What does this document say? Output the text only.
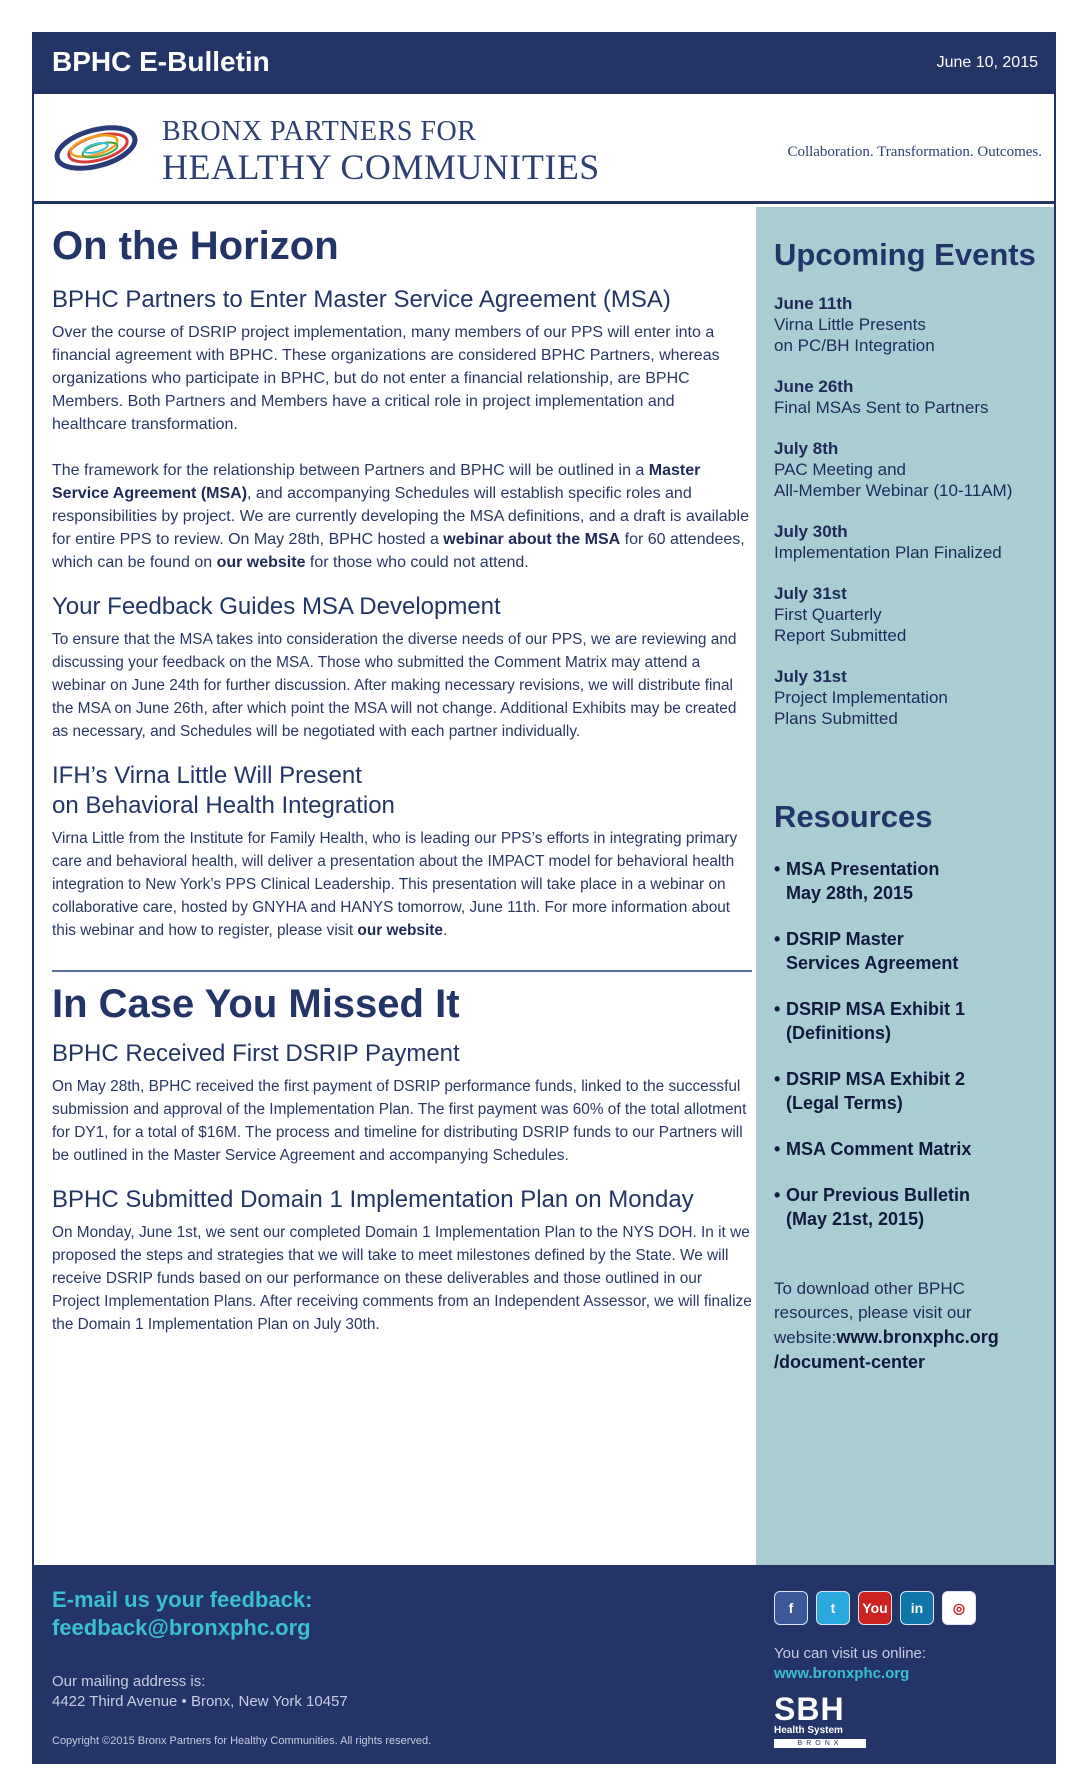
BPHC E-Bulletin	June 10, 2015
BRONX PARTNERS FOR
HEALTHY COMMUNITIES	Collaboration. Transformation. Outcomes.
On the Horizon
BPHC Partners to Enter Master Service Agreement (MSA)
Over the course of DSRIP project implementation, many members of our PPS will enter into a financial agreement with BPHC. These organizations are considered BPHC Partners, whereas organizations who participate in BPHC, but do not enter a financial relationship, are BPHC Members. Both Partners and Members have a critical role in project implementation and healthcare transformation.
The framework for the relationship between Partners and BPHC will be outlined in a Master Service Agreement (MSA), and accompanying Schedules will establish specific roles and responsibilities by project. We are currently developing the MSA definitions, and a draft is available for entire PPS to review. On May 28th, BPHC hosted a webinar about the MSA for 60 attendees, which can be found on our website for those who could not attend.
Your Feedback Guides MSA Development
To ensure that the MSA takes into consideration the diverse needs of our PPS, we are reviewing and discussing your feedback on the MSA. Those who submitted the Comment Matrix may attend a webinar on June 24th for further discussion. After making necessary revisions, we will distribute final the MSA on June 26th, after which point the MSA will not change. Additional Exhibits may be created as necessary, and Schedules will be negotiated with each partner individually.
IFH’s Virna Little Will Present
on Behavioral Health Integration
Virna Little from the Institute for Family Health, who is leading our PPS’s efforts in integrating primary care and behavioral health, will deliver a presentation about the IMPACT model for behavioral health integration to New York’s PPS Clinical Leadership. This presentation will take place in a webinar on collaborative care, hosted by GNYHA and HANYS tomorrow, June 11th. For more information about this webinar and how to register, please visit our website.
In Case You Missed It
BPHC Received First DSRIP Payment
On May 28th, BPHC received the first payment of DSRIP performance funds, linked to the successful submission and approval of the Implementation Plan. The first payment was 60% of the total allotment for DY1, for a total of $16M. The process and timeline for distributing DSRIP funds to our Partners will be outlined in the Master Service Agreement and accompanying Schedules.
BPHC Submitted Domain 1 Implementation Plan on Monday
On Monday, June 1st, we sent our completed Domain 1 Implementation Plan to the NYS DOH. In it we proposed the steps and strategies that we will take to meet milestones defined by the State. We will receive DSRIP funds based on our performance on these deliverables and those outlined in our Project Implementation Plans. After receiving comments from an Independent Assessor, we will finalize the Domain 1 Implementation Plan on July 30th.
Upcoming Events
June 11th
Virna Little Presents
on PC/BH Integration
June 26th
Final MSAs Sent to Partners
July 8th
PAC Meeting and
All-Member Webinar (10-11AM)
July 30th
Implementation Plan Finalized
July 31st
First Quarterly
Report Submitted
July 31st
Project Implementation
Plans Submitted
Resources
• MSA Presentation
May 28th, 2015
• DSRIP Master
Services Agreement
• DSRIP MSA Exhibit 1
(Definitions)
• DSRIP MSA Exhibit 2
(Legal Terms)
• MSA Comment Matrix
• Our Previous Bulletin
(May 21st, 2015)
To download other BPHC resources, please visit our website:www.bronxphc.org
/document-center
E-mail us your feedback:
feedback@bronxphc.org
Our mailing address is:
4422 Third Avenue • Bronx, New York 10457
Copyright ©2015 Bronx Partners for Healthy Communities. All rights reserved.
f	t	You	in	◎
You can visit us online:
www.bronxphc.org
SBH
Health System
BRONX
